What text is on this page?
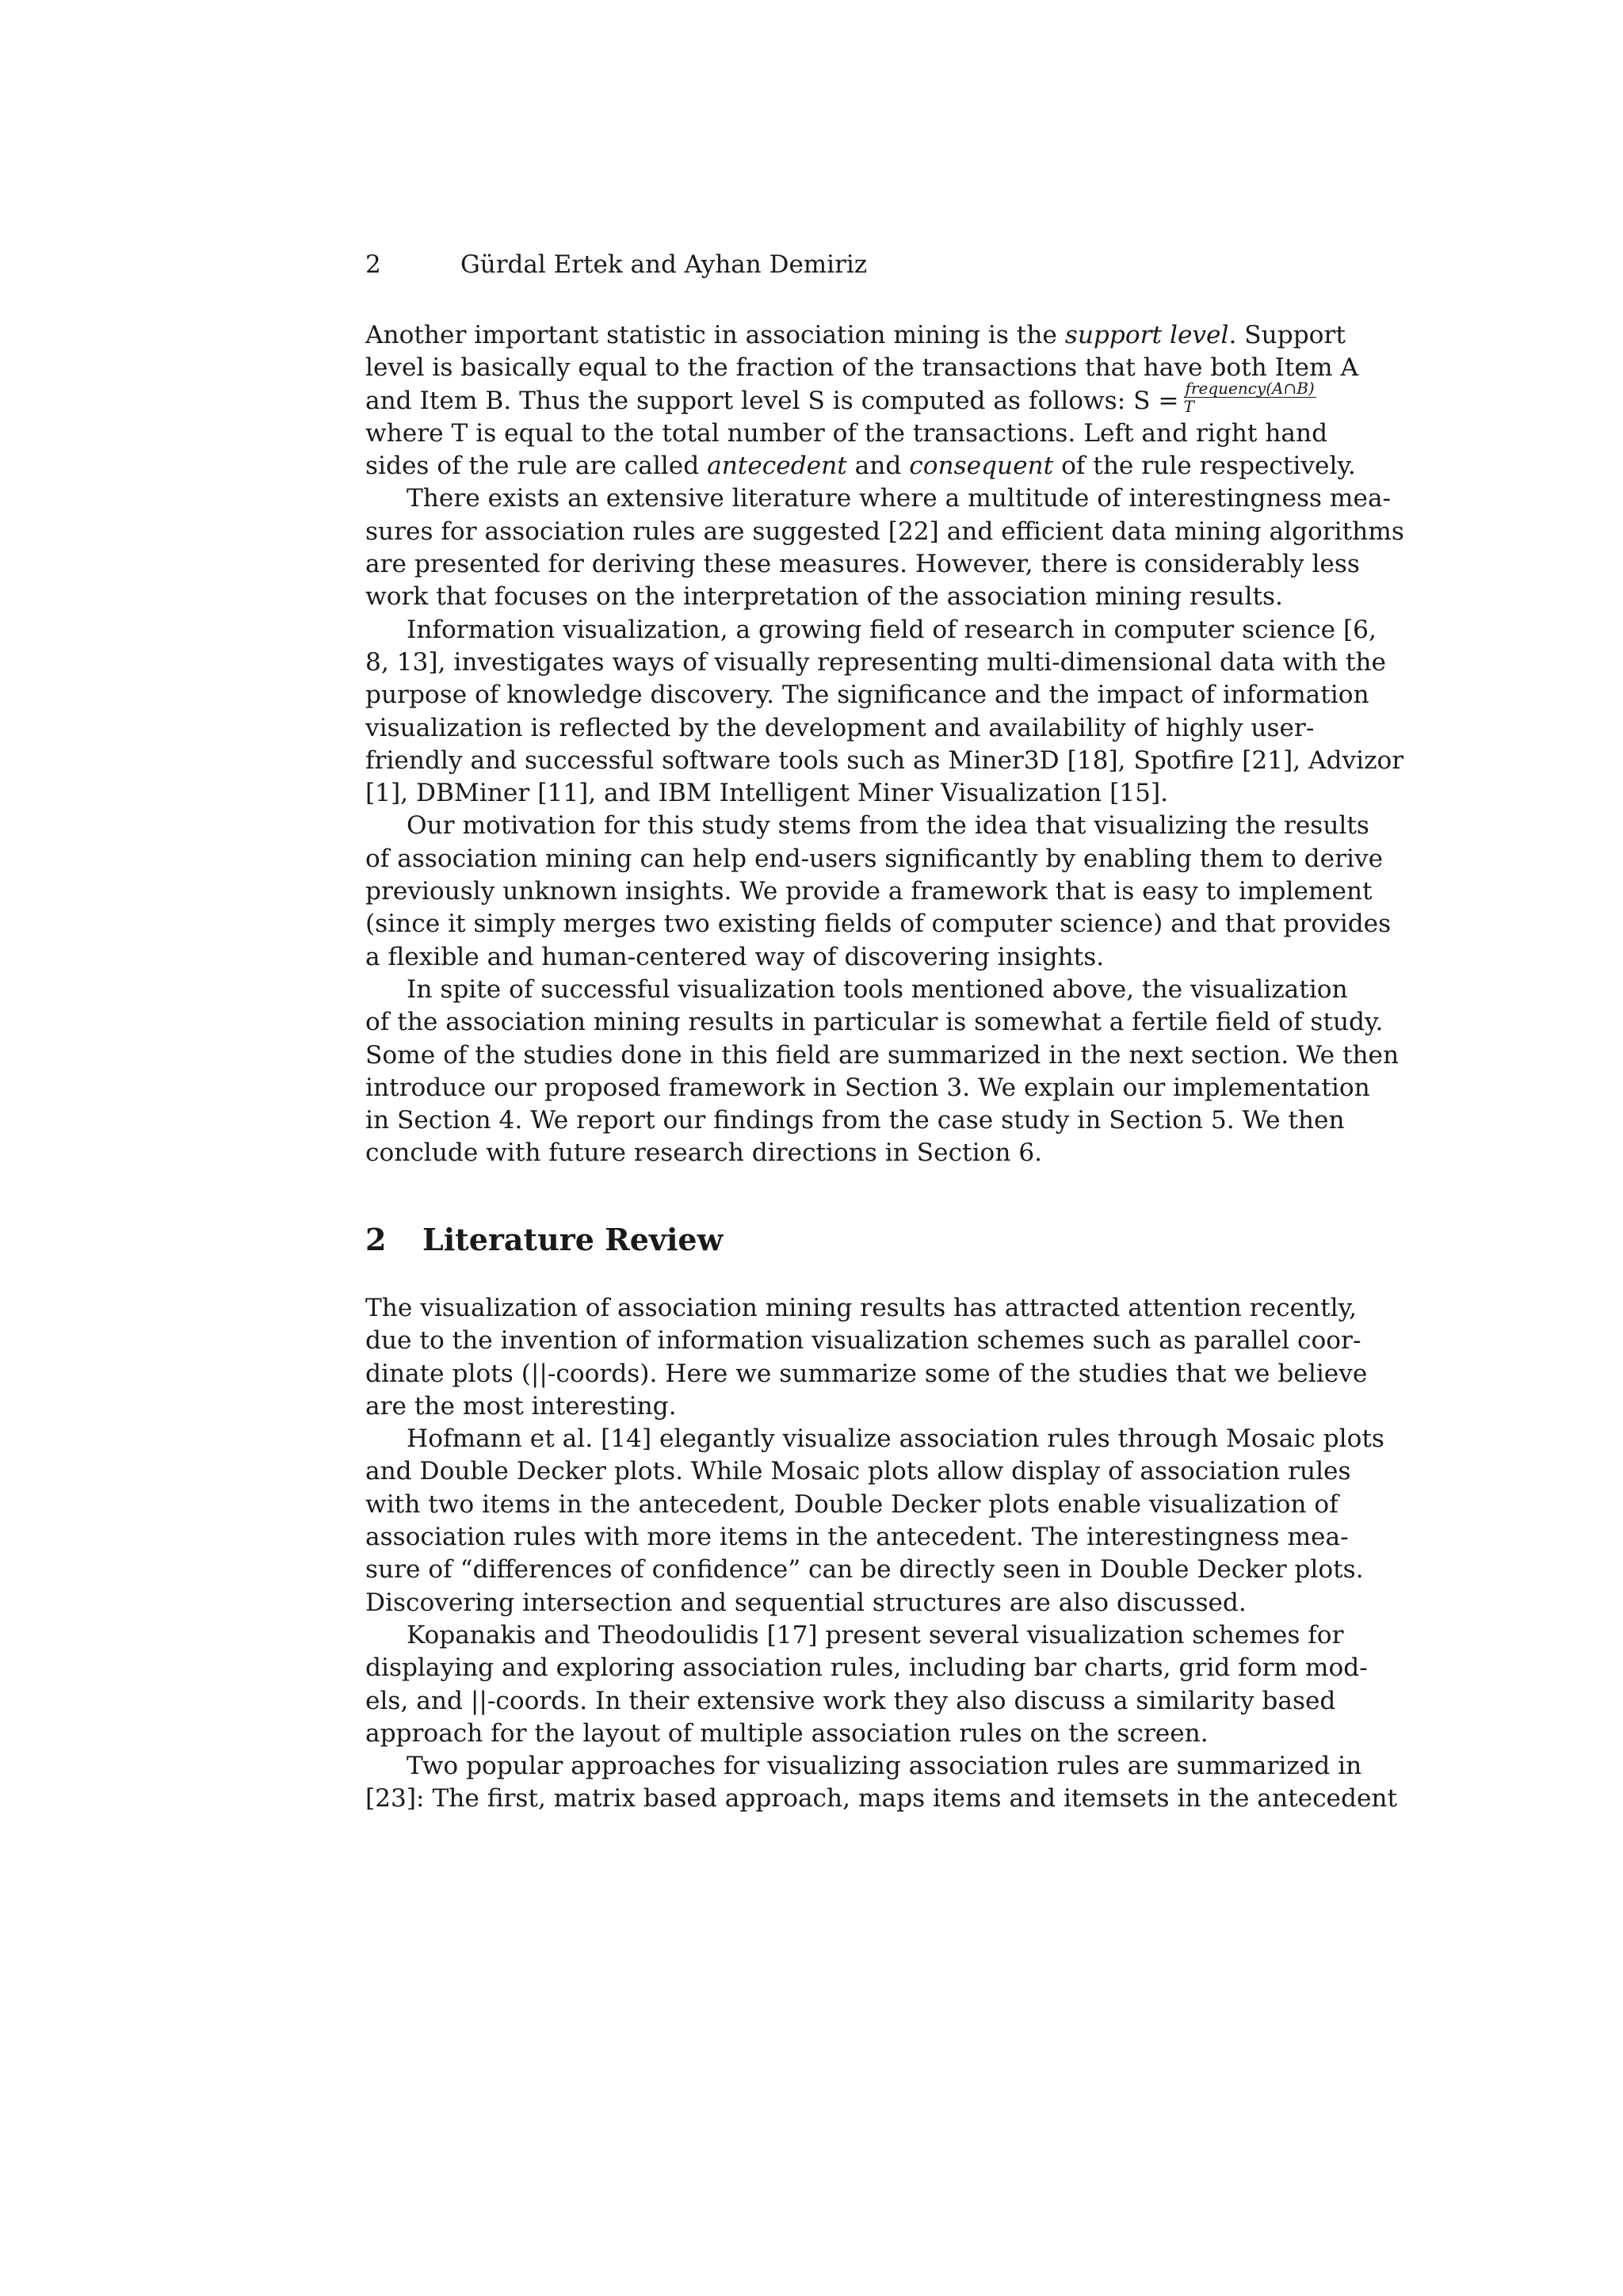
2	Gürdal Ertek and Ayhan Demiriz
Another important statistic in association mining is the support level. Support
level is basically equal to the fraction of the transactions that have both Item A
and Item B. Thus the support level S is computed as follows: $S = \frac{\text{frequency(A∩B)}}{T}$
where T is equal to the total number of the transactions. Left and right hand
sides of the rule are called antecedent and consequent of the rule respectively.
There exists an extensive literature where a multitude of interestingness mea-
sures for association rules are suggested [22] and efficient data mining algorithms
are presented for deriving these measures. However, there is considerably less
work that focuses on the interpretation of the association mining results.
Information visualization, a growing field of research in computer science [6,
8, 13], investigates ways of visually representing multi-dimensional data with the
purpose of knowledge discovery. The significance and the impact of information
visualization is reflected by the development and availability of highly user-
friendly and successful software tools such as Miner3D [18], Spotfire [21], Advizor
[1], DBMiner [11], and IBM Intelligent Miner Visualization [15].
Our motivation for this study stems from the idea that visualizing the results
of association mining can help end-users significantly by enabling them to derive
previously unknown insights. We provide a framework that is easy to implement
(since it simply merges two existing fields of computer science) and that provides
a flexible and human-centered way of discovering insights.
In spite of successful visualization tools mentioned above, the visualization
of the association mining results in particular is somewhat a fertile field of study.
Some of the studies done in this field are summarized in the next section. We then
introduce our proposed framework in Section 3. We explain our implementation
in Section 4. We report our findings from the case study in Section 5. We then
conclude with future research directions in Section 6.
2 Literature Review
The visualization of association mining results has attracted attention recently,
due to the invention of information visualization schemes such as parallel coor-
dinate plots (||-coords). Here we summarize some of the studies that we believe
are the most interesting.
Hofmann et al. [14] elegantly visualize association rules through Mosaic plots
and Double Decker plots. While Mosaic plots allow display of association rules
with two items in the antecedent, Double Decker plots enable visualization of
association rules with more items in the antecedent. The interestingness mea-
sure of “differences of confidence” can be directly seen in Double Decker plots.
Discovering intersection and sequential structures are also discussed.
Kopanakis and Theodoulidis [17] present several visualization schemes for
displaying and exploring association rules, including bar charts, grid form mod-
els, and ||-coords. In their extensive work they also discuss a similarity based
approach for the layout of multiple association rules on the screen.
Two popular approaches for visualizing association rules are summarized in
[23]: The first, matrix based approach, maps items and itemsets in the antecedent
